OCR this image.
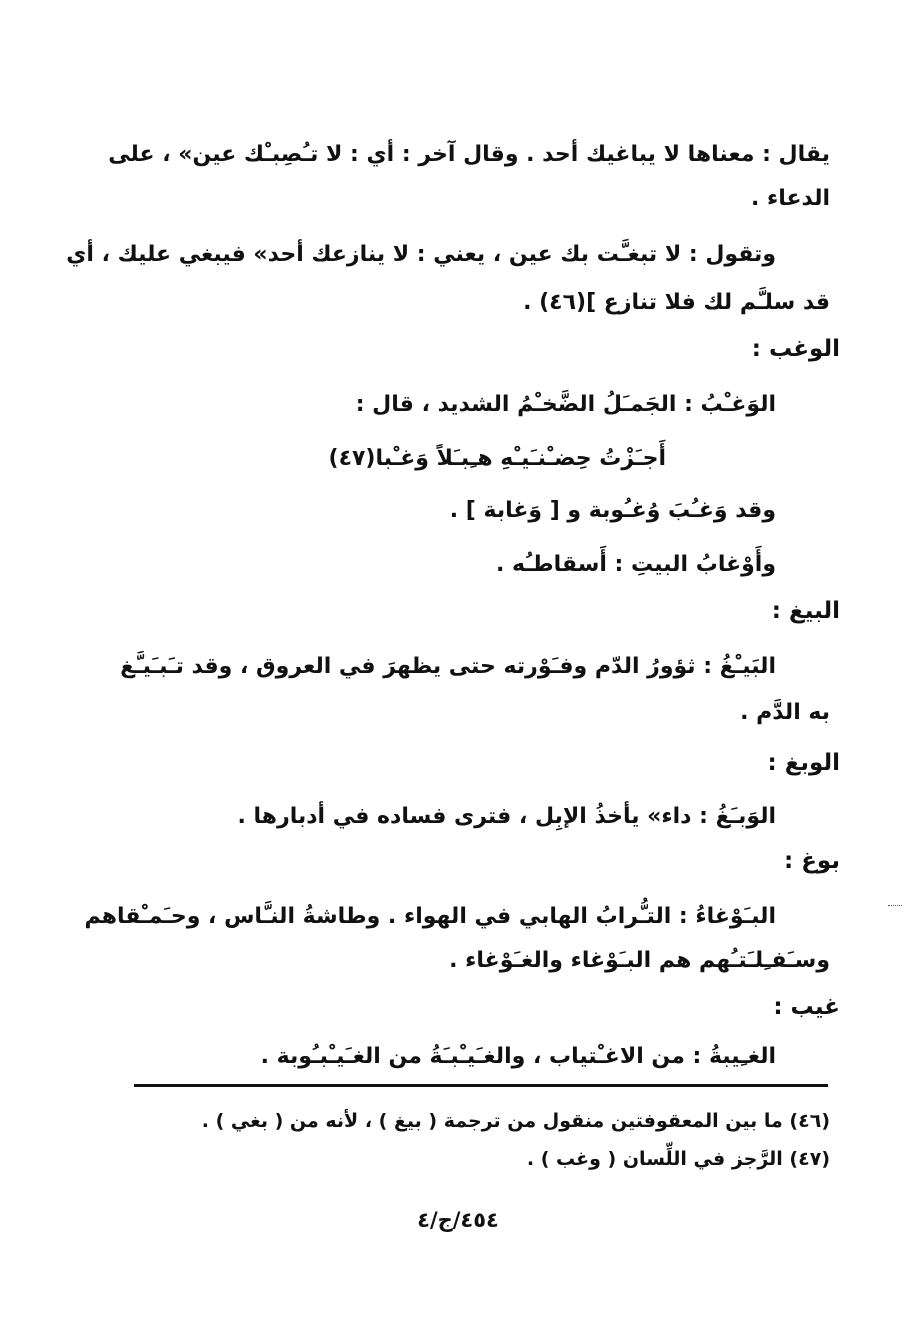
يقال : معناها لا يباغيك أحد . وقال آخر : أي : لا تـُصِبـْك عين» ، على
الدعاء .
وتقول : لا تبغـَّت بك عين ، يعني : لا ينازعك أحد» فيبغي عليك ، أي
قد سلـَّم لك فلا تنازع ](٤٦) .
الوغب :
الوَغـْبُ : الجَمـَلُ الضَّخـْمُ الشديد ، قال :
أَجـَزْتُ حِضـْنـَيـْهِ هـِبـَلاً وَغـْبا(٤٧)
وقد وَغـُبَ وُغـُوبة و [ وَغابة ] .
وأَوْغابُ البيتِ : أَسقاطـُه .
البيغ :
البَيـْغُ : ثؤورُ الدّم وفـَوْرته حتى يظهرَ في العروق ، وقد تـَبـَيـَّغ
به الدَّم .
الوبغ :
الوَبـَغُ : داء» يأخذُ الإبِل ، فترى فساده في أدبارها .
بوغ :
البـَوْغاءُ : التـُّرابُ الهابي في الهواء . وطاشةُ النـَّاس ، وحـَمـْقاهم
وسـَفـِلـَتـُهم هم البـَوْغاء والغـَوْغاء .
غيب :
الغـِيبةُ : من الاغـْتياب ، والغـَيـْبـَةُ من الغـَيـْبـُوبة .
(٤٦) ما بين المعقوفتين منقول من ترجمة ( بيغ ) ، لأنه من ( بغي ) .
(٤٧) الرَّجز في اللِّسان ( وغب ) .
٤٥٤/ج/٤
